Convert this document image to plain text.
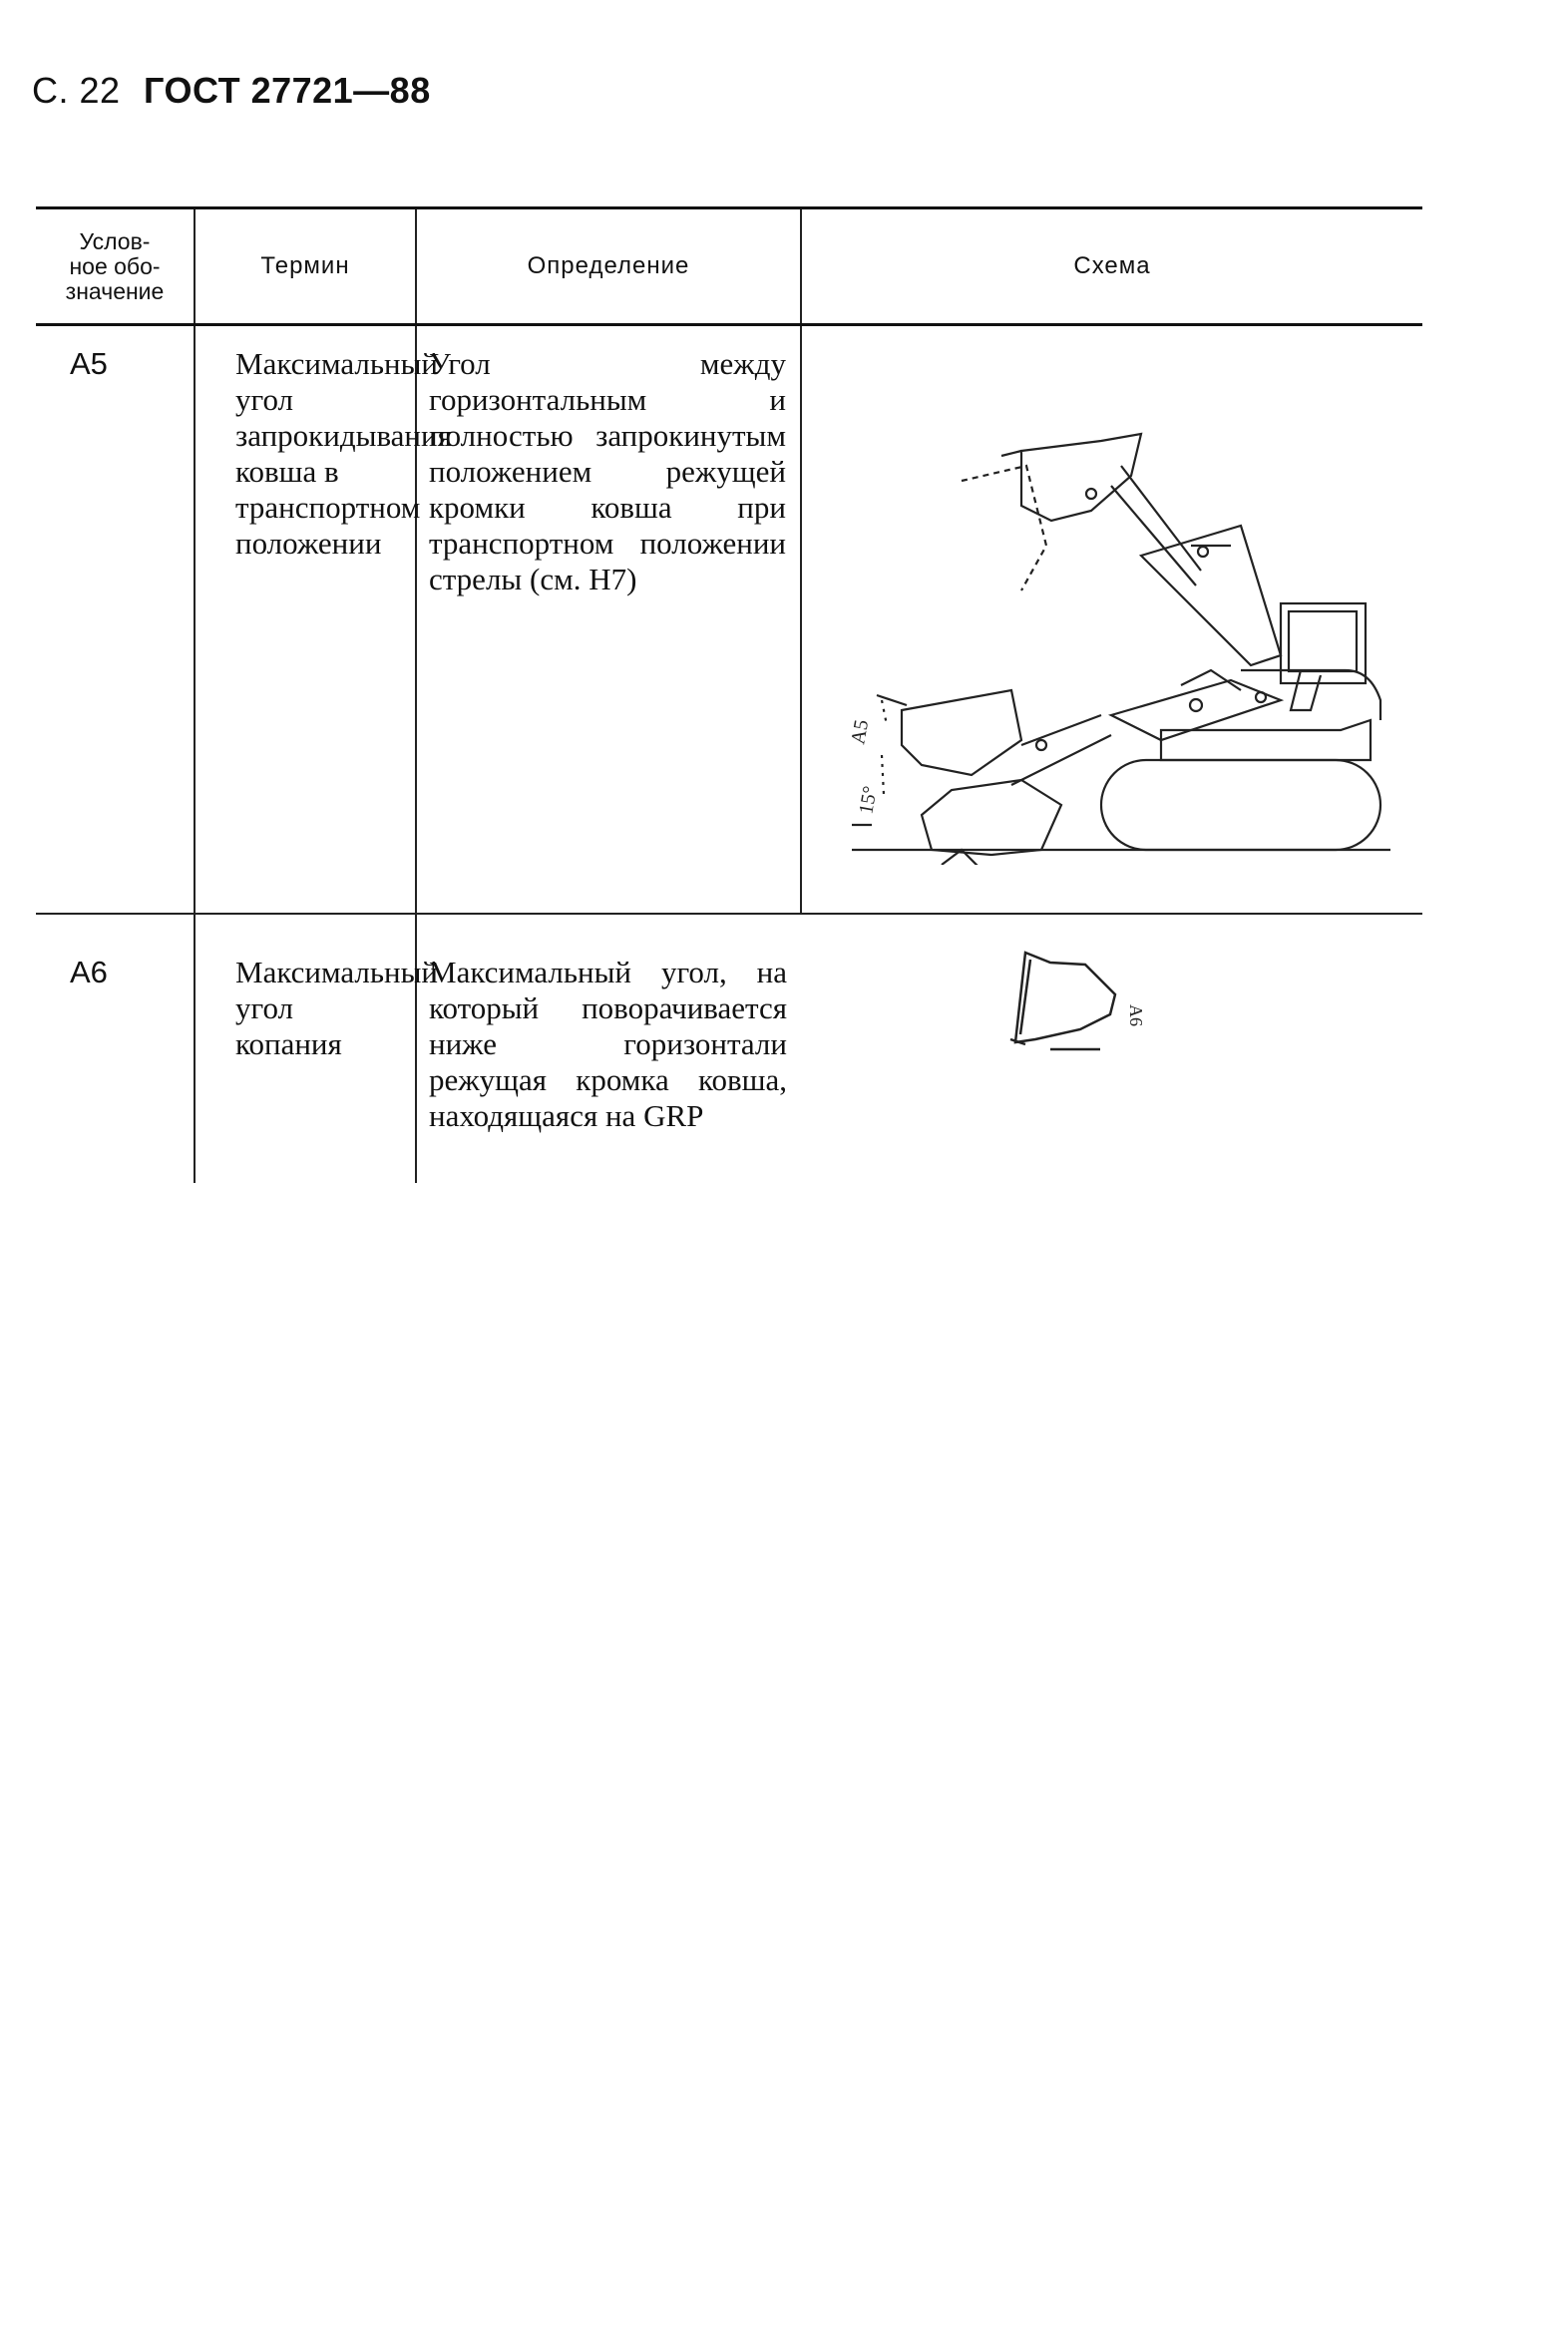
С. 22 ГОСТ 27721—88
Услов-
ное обо-
значение	Термин	Определение	Схема
А5	Максимальный угол запрокидывания ковша в транспортном положении	Угол между горизонтальным и полностью запрокинутым положением режущей кромки ковша при транспортном положении стрелы (см. Н7)	A5
15°

А6	Максимальный угол копания	Максимальный угол, на который поворачивается ниже горизонтали режущая кромка ковша, находящаяся на GRP	A6
